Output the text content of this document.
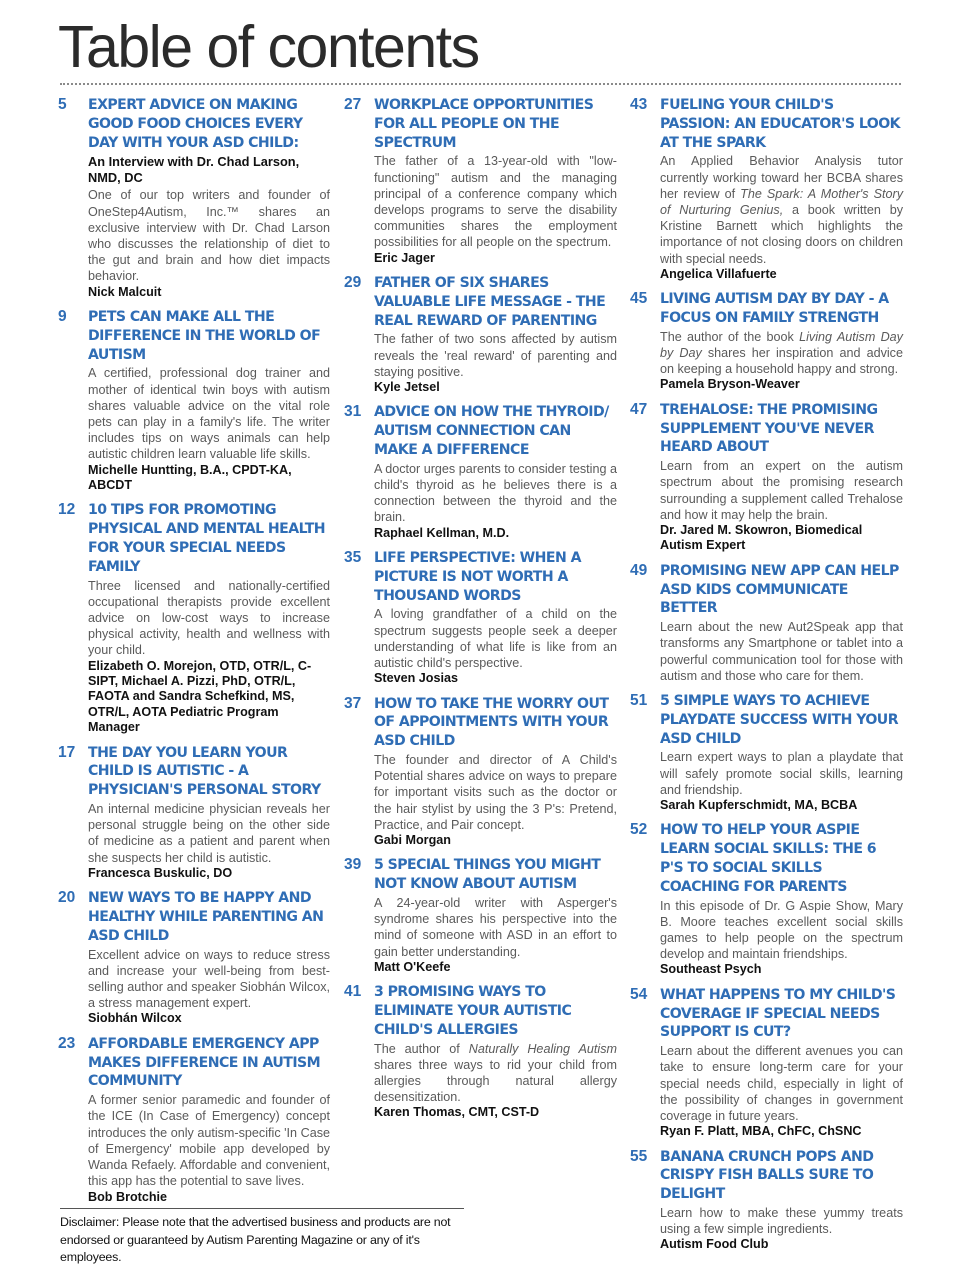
Table of contents
5	EXPERT ADVICE ON MAKING GOOD FOOD CHOICES EVERY DAY WITH YOUR ASD CHILD:
An Interview with Dr. Chad Larson, NMD, DC

One of our top writers and founder of OneStep4Autism, Inc.™ shares an exclusive interview with Dr. Chad Larson who discusses the relationship of diet to the gut and brain and how diet impacts behavior.

Nick Malcuit
9	PETS CAN MAKE ALL THE DIFFERENCE IN THE WORLD OF AUTISM

A certified, professional dog trainer and mother of identical twin boys with autism shares valuable advice on the vital role pets can play in a family's life. The writer includes tips on ways animals can help autistic children learn valuable life skills.

Michelle Huntting, B.A., CPDT-KA, ABCDT
12 10 TIPS FOR PROMOTING PHYSICAL AND MENTAL HEALTH FOR YOUR SPECIAL NEEDS FAMILY

Three licensed and nationally-certified occupational therapists provide excellent advice on low-cost ways to increase physical activity, health and wellness with your child.

Elizabeth O. Morejon, OTD, OTR/L, C-SIPT, Michael A. Pizzi, PhD, OTR/L, FAOTA and Sandra Schefkind, MS, OTR/L, AOTA Pediatric Program Manager
17 THE DAY YOU LEARN YOUR CHILD IS AUTISTIC - A PHYSICIAN'S PERSONAL STORY

An internal medicine physician reveals her personal struggle being on the other side of medicine as a patient and parent when she suspects her child is autistic.

Francesca Buskulic, DO
20 NEW WAYS TO BE HAPPY AND HEALTHY WHILE PARENTING AN ASD CHILD

Excellent advice on ways to reduce stress and increase your well-being from best-selling author and speaker Siobhán Wilcox, a stress management expert.

Siobhán Wilcox
23 AFFORDABLE EMERGENCY APP MAKES DIFFERENCE IN AUTISM COMMUNITY

A former senior paramedic and founder of the ICE (In Case of Emergency) concept introduces the only autism-specific 'In Case of Emergency' mobile app developed by Wanda Refaely. Affordable and convenient, this app has the potential to save lives.

Bob Brotchie
27 WORKPLACE OPPORTUNITIES FOR ALL PEOPLE ON THE SPECTRUM

The father of a 13-year-old with "low-functioning" autism and the managing principal of a conference company which develops programs to serve the disability communities shares the employment possibilities for all people on the spectrum.

Eric Jager
29 FATHER OF SIX SHARES VALUABLE LIFE MESSAGE - THE REAL REWARD OF PARENTING

The father of two sons affected by autism reveals the 'real reward' of parenting and staying positive.

Kyle Jetsel
31 ADVICE ON HOW THE THYROID/ AUTISM CONNECTION CAN MAKE A DIFFERENCE

A doctor urges parents to consider testing a child's thyroid as he believes there is a connection between the thyroid and the brain.

Raphael Kellman, M.D.
35 LIFE PERSPECTIVE: WHEN A PICTURE IS NOT WORTH A THOUSAND WORDS

A loving grandfather of a child on the spectrum suggests people seek a deeper understanding of what life is like from an autistic child's perspective.

Steven Josias
37 HOW TO TAKE THE WORRY OUT OF APPOINTMENTS WITH YOUR ASD CHILD

The founder and director of A Child's Potential shares advice on ways to prepare for important visits such as the doctor or the hair stylist by using the 3 P's: Pretend, Practice, and Pair concept.

Gabi Morgan
39 5 SPECIAL THINGS YOU MIGHT NOT KNOW ABOUT AUTISM

A 24-year-old writer with Asperger's syndrome shares his perspective into the mind of someone with ASD in an effort to gain better understanding.

Matt O'Keefe
41 3 PROMISING WAYS TO ELIMINATE YOUR AUTISTIC CHILD'S ALLERGIES

The author of Naturally Healing Autism shares three ways to rid your child from allergies through natural allergy desensitization.

Karen Thomas, CMT, CST-D
43 FUELING YOUR CHILD'S PASSION: AN EDUCATOR'S LOOK AT THE SPARK

An Applied Behavior Analysis tutor currently working toward her BCBA shares her review of The Spark: A Mother's Story of Nurturing Genius, a book written by Kristine Barnett which highlights the importance of not closing doors on children with special needs.

Angelica Villafuerte
45 LIVING AUTISM DAY BY DAY - A FOCUS ON FAMILY STRENGTH

The author of the book Living Autism Day by Day shares her inspiration and advice on keeping a household happy and strong.

Pamela Bryson-Weaver
47 TREHALOSE: THE PROMISING SUPPLEMENT YOU'VE NEVER HEARD ABOUT

Learn from an expert on the autism spectrum about the promising research surrounding a supplement called Trehalose and how it may help the brain.

Dr. Jared M. Skowron, Biomedical Autism Expert
49 PROMISING NEW APP CAN HELP ASD KIDS COMMUNICATE BETTER

Learn about the new Aut2Speak app that transforms any Smartphone or tablet into a powerful communication tool for those with autism and those who care for them.

51 5 SIMPLE WAYS TO ACHIEVE PLAYDATE SUCCESS WITH YOUR ASD CHILD

Learn expert ways to plan a playdate that will safely promote social skills, learning and friendship.

Sarah Kupferschmidt, MA, BCBA
52 HOW TO HELP YOUR ASPIE LEARN SOCIAL SKILLS: THE 6 P'S TO SOCIAL SKILLS COACHING FOR PARENTS

In this episode of Dr. G Aspie Show, Mary B. Moore teaches excellent social skills games to help people on the spectrum develop and maintain friendships.

Southeast Psych
54 WHAT HAPPENS TO MY CHILD'S COVERAGE IF SPECIAL NEEDS SUPPORT IS CUT?

Learn about the different avenues you can take to ensure long-term care for your special needs child, especially in light of the possibility of changes in government coverage in future years.

Ryan F. Platt, MBA, ChFC, ChSNC
55 BANANA CRUNCH POPS AND CRISPY FISH BALLS SURE TO DELIGHT

Learn how to make these yummy treats using a few simple ingredients.

Autism Food Club

Disclaimer: Please note that the advertised business and products are not endorsed or guaranteed by Autism Parenting Magazine or any of it's employees.
